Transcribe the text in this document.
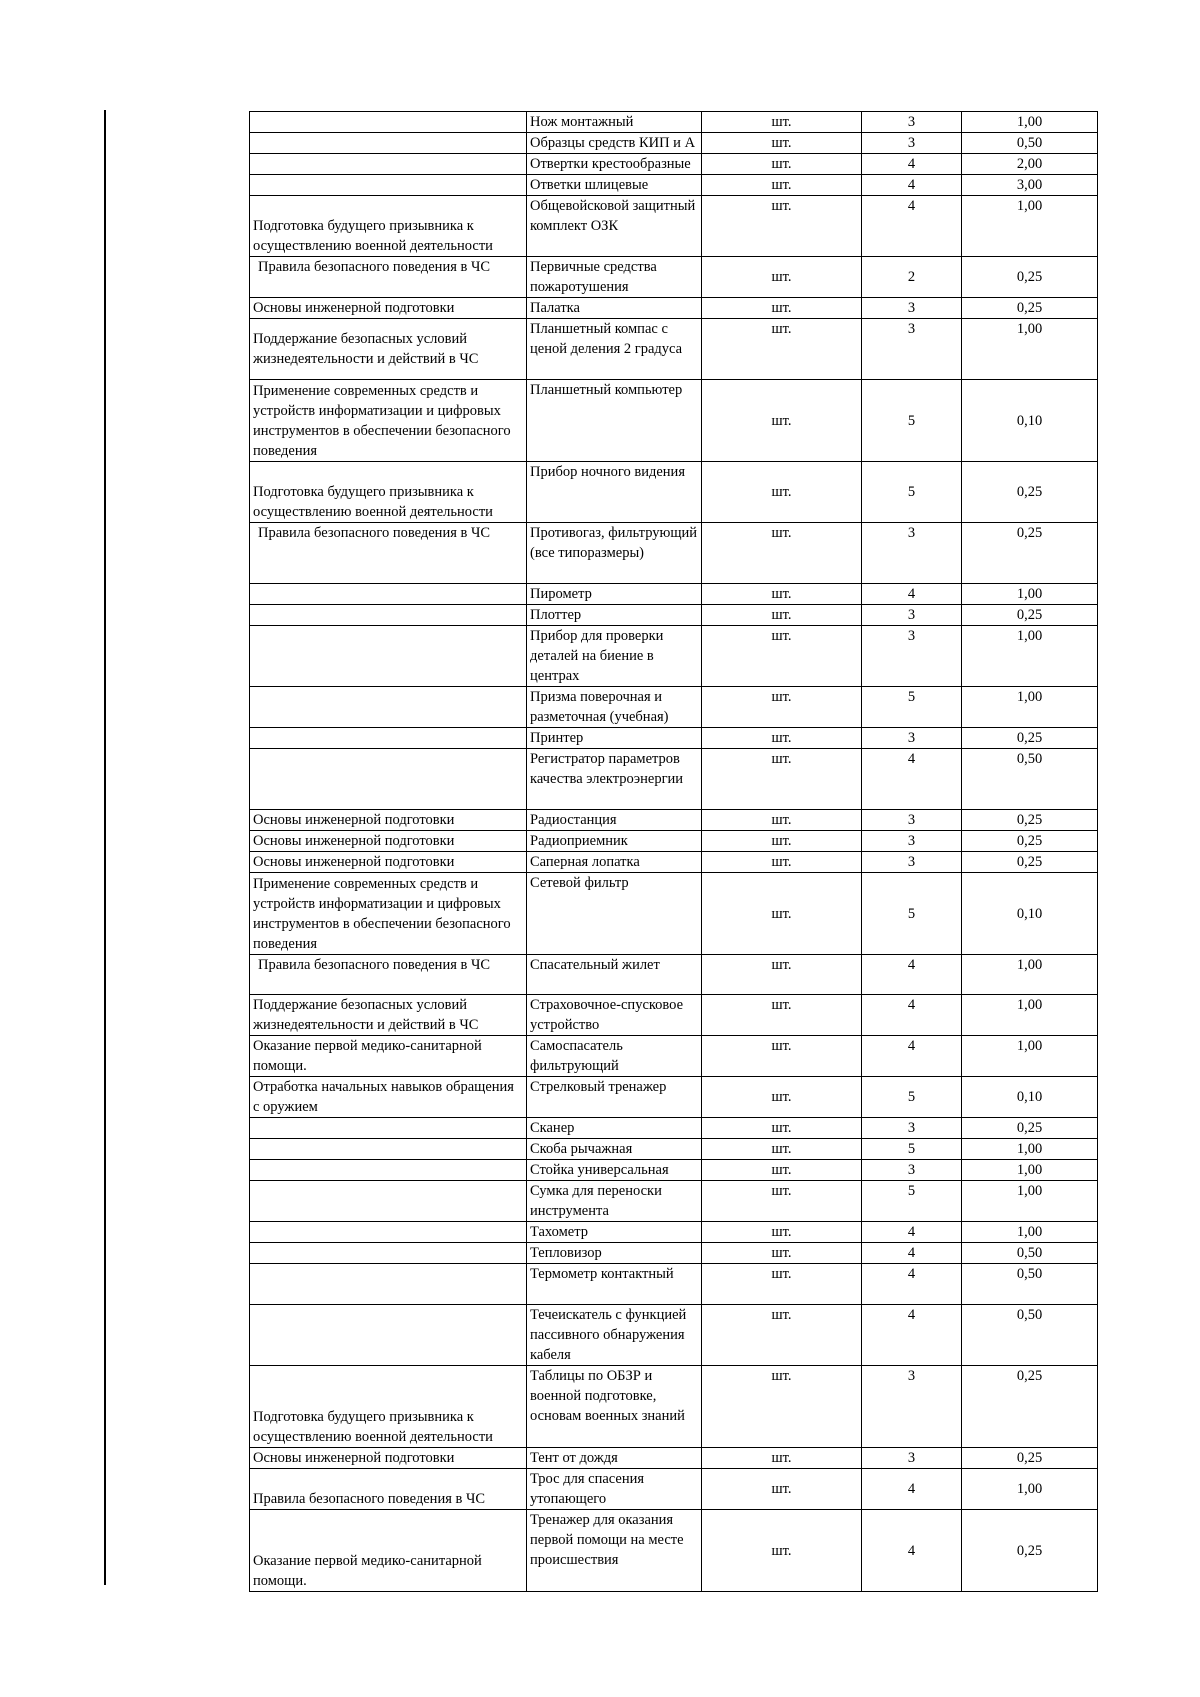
	Нож монтажный	шт.	3	1,00
	Образцы средств КИП и А	шт.	3	0,50
	Отвертки крестообразные	шт.	4	2,00
	Ответки шлицевые	шт.	4	3,00
Подготовка будущего призывника к осуществлению военной деятельности	Общевойсковой защитный комплект ОЗК	шт.	4	1,00
Правила безопасного поведения в ЧС	Первичные средства пожаротушения	шт.	2	0,25
Основы инженерной подготовки	Палатка	шт.	3	0,25
Поддержание безопасных условий жизнедеятельности и действий в ЧС	Планшетный компас с ценой деления 2 градуса	шт.	3	1,00
Применение современных средств и устройств информатизации и цифровых инструментов в обеспечении безопасного поведения	Планшетный компьютер	шт.	5	0,10
Подготовка будущего призывника к осуществлению военной деятельности	Прибор ночного видения	шт.	5	0,25
Правила безопасного поведения в ЧС	Противогаз, фильтрующий (все типоразмеры)	шт.	3	0,25
	Пирометр	шт.	4	1,00
	Плоттер	шт.	3	0,25
	Прибор для проверки деталей на биение в центрах	шт.	3	1,00
	Призма поверочная и разметочная (учебная)	шт.	5	1,00
	Принтер	шт.	3	0,25
	Регистратор параметров качества электроэнергии	шт.	4	0,50
Основы инженерной подготовки	Радиостанция	шт.	3	0,25
Основы инженерной подготовки	Радиоприемник	шт.	3	0,25
Основы инженерной подготовки	Саперная лопатка	шт.	3	0,25
Применение современных средств и устройств информатизации и цифровых инструментов в обеспечении безопасного поведения	Сетевой фильтр	шт.	5	0,10
Правила безопасного поведения в ЧС	Спасательный жилет	шт.	4	1,00
Поддержание безопасных условий жизнедеятельности и действий в ЧС	Страховочное-спусковое устройство	шт.	4	1,00
Оказание первой медико-санитарной помощи.	Самоспасатель фильтрующий	шт.	4	1,00
Отработка начальных навыков обращения с оружием	Стрелковый тренажер	шт.	5	0,10
	Сканер	шт.	3	0,25
	Скоба рычажная	шт.	5	1,00
	Стойка универсальная	шт.	3	1,00
	Сумка для переноски инструмента	шт.	5	1,00
	Тахометр	шт.	4	1,00
	Тепловизор	шт.	4	0,50
	Термометр контактный	шт.	4	0,50
	Течеискатель с функцией пассивного обнаружения кабеля	шт.	4	0,50
Подготовка будущего призывника к осуществлению военной деятельности	Таблицы по ОБЗР и военной подготовке, основам военных знаний	шт.	3	0,25
Основы инженерной подготовки	Тент от дождя	шт.	3	0,25
Правила безопасного поведения в ЧС	Трос для спасения утопающего	шт.	4	1,00
Оказание первой медико-санитарной помощи.	Тренажер для оказания первой помощи на месте происшествия	шт.	4	0,25
